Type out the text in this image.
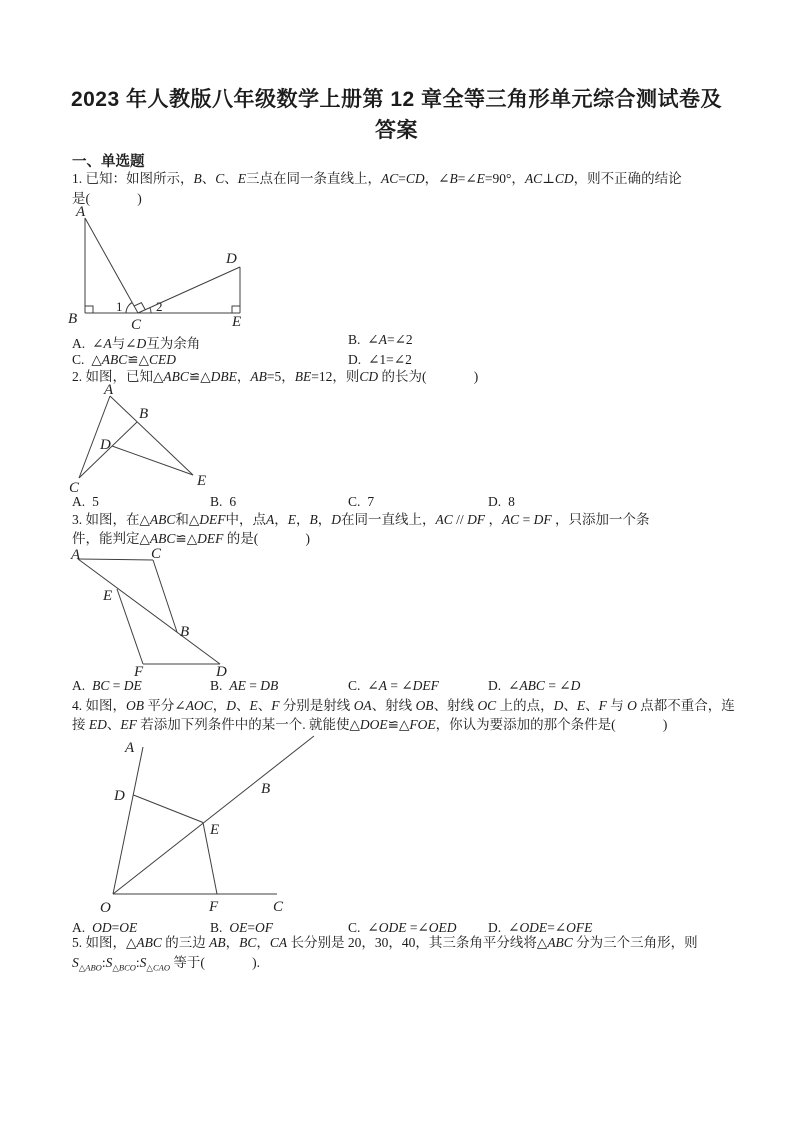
2023 年人教版八年级数学上册第 12 章全等三角形单元综合测试卷及
答案
一、单选题
1. 已知：如图所示，B、C、E三点在同一条直线上，AC=CD，∠B=∠E=90°，AC⊥CD，则不正确的结论
是(              )
A
B	C
D
E
1	2
A. ∠A与∠D互为余角	B. ∠A=∠2
C. △ABC≌△CED	D. ∠1=∠2
2. 如图，已知△ABC≌△DBE，AB=5，BE=12，则CD 的长为(              )
A
B
D
C	E
A. 5	B. 6	C. 7	D. 8
3. 如图，在△ABC和△DEF中，点A，E，B，D在同一直线上，AC // DF ，AC = DF ，只添加一个条
件，能判定△ABC≌△DEF 的是(              )
A	C
E
B
F	D
A. BC = DE	B. AE = DB	C. ∠A = ∠DEF	D. ∠ABC = ∠D
4. 如图，OB 平分∠AOC，D、E、F 分别是射线 OA、射线 OB、射线 OC 上的点，D、E、F 与 O 点都不重合，连
接 ED、EF 若添加下列条件中的某一个. 就能使△DOE≌△FOE，你认为要添加的那个条件是(              )
A
B
C
D
E
F
O
A. OD=OE	B. OE=OF	C. ∠ODE =∠OED D. ∠ODE=∠OFE
5. 如图，△ABC 的三边 AB，BC，CA 长分别是 20，30，40，其三条角平分线将△ABC 分为三个三角形，则
$S_{\triangle ABO}:S_{\triangle BCO}:S_{\triangle CAO}$ 等于(              ).
